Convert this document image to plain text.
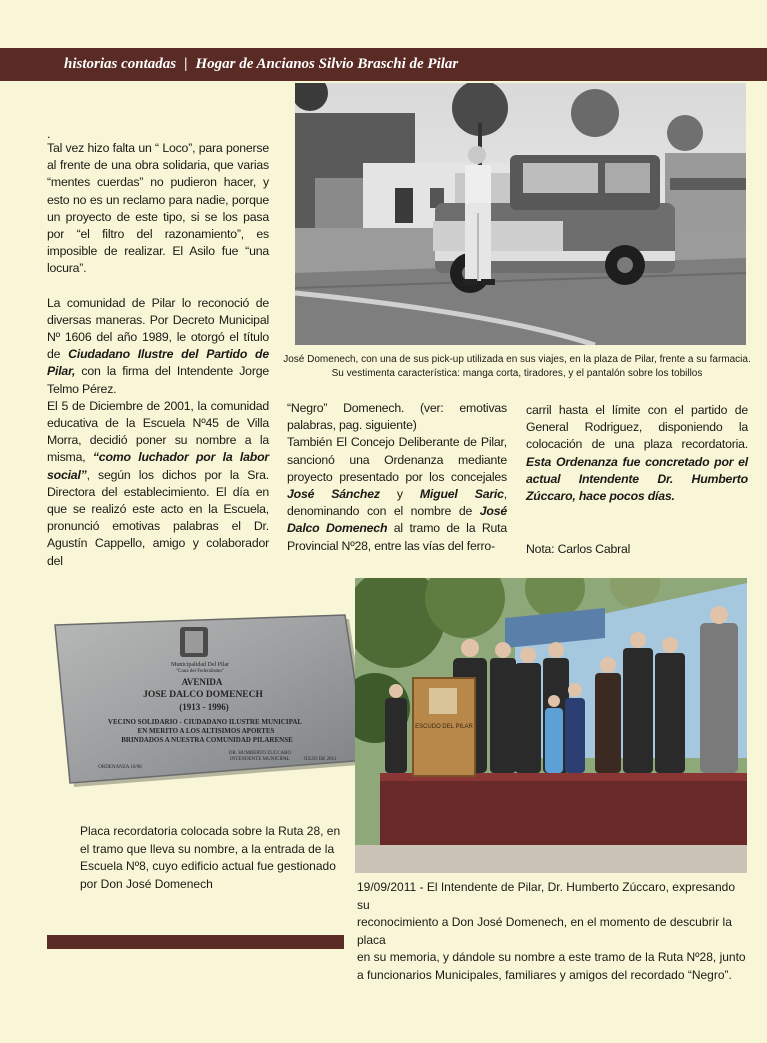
historias contadas | Hogar de Ancianos Silvio Braschi de Pilar

.

Tal vez hizo falta un “ Loco”, para ponerse al frente de una obra solidaria, que varias “mentes cuerdas” no pudieron hacer, y esto no es un reclamo para nadie, porque un proyecto de este tipo, si se los pasa por “el filtro del razonamiento”, es imposible de realizar. El Asilo fue “una locura”.

La comunidad de Pilar lo reconoció de diversas maneras. Por Decreto Municipal Nº 1606 del año 1989, le otorgó el título de Ciudadano Ilustre del Partido de Pilar, con la firma del Intendente Jorge Telmo Pérez.

El 5 de Diciembre de 2001, la comunidad educativa de la Escuela Nº45 de Villa Morra, decidió poner su nombre a la misma, “como luchador por la labor social”, según los dichos por la Sra. Directora del establecimiento. El día en que se realizó este acto en la Escuela, pronunció emotivas palabras el Dr. Agustín Cappello, amigo y colaborador del

“Negro” Domenech. (ver: emotivas palabras, pag. siguiente)

También El Concejo Deliberante de Pilar, sancionó una Ordenanza mediante proyecto presentado por los concejales José Sánchez y Miguel Saric, denominando con el nombre de José Dalco Domenech al tramo de la Ruta Provincial Nº28, entre las vías del ferro-

carril hasta el límite con el partido de General Rodriguez, disponiendo la colocación de una plaza recordatoria. Esta Ordenanza fue concretado por el actual Intendente Dr. Humberto Zúccaro, hace pocos días.

Nota: Carlos Cabral

José Domenech, con una de sus pick-up utilizada en sus viajes, en la plaza de Pilar, frente a su farmacia.
Su vestimenta característica: manga corta, tiradores, y el pantalón sobre los tobillos
Municipalidad Del Pilar
"Cuna del Federalismo"
AVENIDA
JOSE DALCO DOMENECH
(1913 - 1996)
VECINO SOLIDARIO - CIUDADANO ILUSTRE MUNICIPAL
EN MERITO A LOS ALTISIMOS APORTES
BRINDADOS A NUESTRA COMUNIDAD PILARENSE
DR. HUMBERTO ZUCCARO
INTENDENTE MUNICIPAL
ORDENANZA 10/98
JULIO DE 2011
Placa recordatoria colocada sobre la Ruta 28, en el tramo que lleva su nombre, a la entrada de la Escuela Nº8, cuyo edificio actual fue gestionado por Don José Domenech
ESCUDO DEL PILAR
19/09/2011 - El Intendente de Pilar, Dr. Humberto Zúccaro, expresando su
reconocimiento a Don José Domenech, en el momento de descubrir la placa
en su memoria, y dándole su nombre a este tramo de la Ruta Nº28, junto
a funcionarios Municipales, familiares y amigos del recordado “Negro”.
